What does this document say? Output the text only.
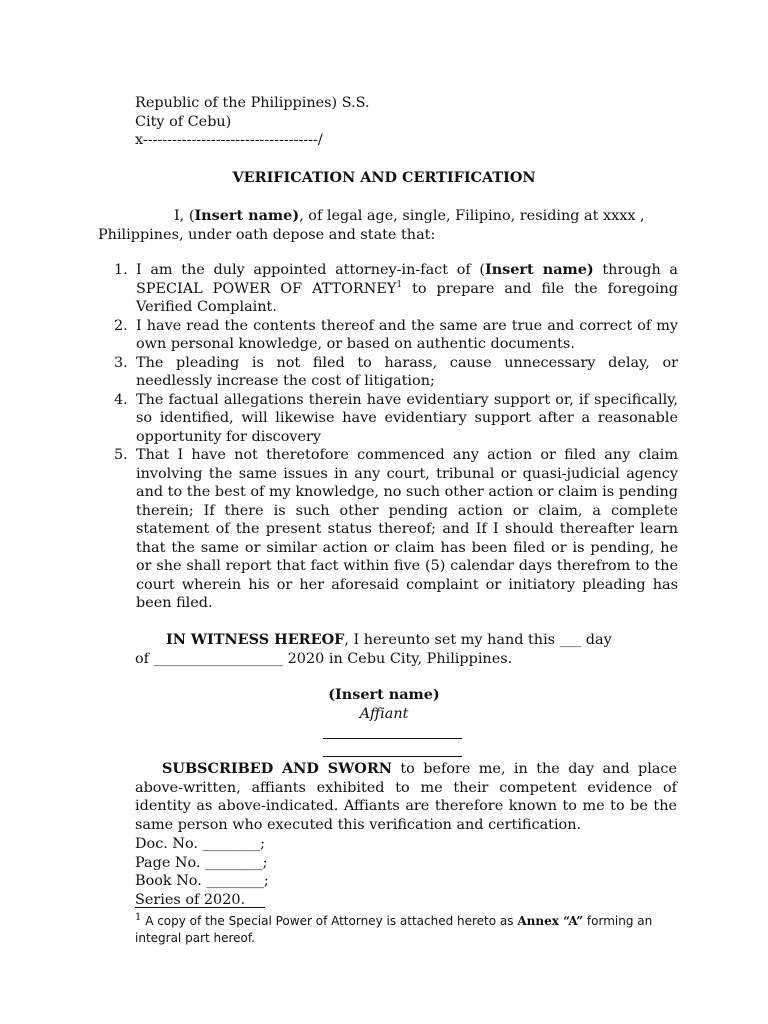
Republic of the Philippines) S.S.
City of Cebu)
x------------------------------------/
VERIFICATION AND CERTIFICATION
I, (Insert name), of legal age, single, Filipino, residing at xxxx ,
Philippines, under oath depose and state that:
1. I am the duly appointed attorney-in-fact of (Insert name) through a SPECIAL POWER OF ATTORNEY$^1$ to prepare and file the foregoing Verified Complaint.
2. I have read the contents thereof and the same are true and correct of my own personal knowledge, or based on authentic documents.
3. The pleading is not filed to harass, cause unnecessary delay, or needlessly increase the cost of litigation;
4. The factual allegations therein have evidentiary support or, if specifically, so identified, will likewise have evidentiary support after a reasonable opportunity for discovery
5. That I have not theretofore commenced any action or filed any claim involving the same issues in any court, tribunal or quasi-judicial agency and to the best of my knowledge, no such other action or claim is pending therein; If there is such other pending action or claim, a complete statement of the present status thereof; and If I should thereafter learn that the same or similar action or claim has been filed or is pending, he or she shall report that fact within five (5) calendar days therefrom to the court wherein his or her aforesaid complaint or initiatory pleading has been filed.
IN WITNESS HEREOF, I hereunto set my hand this ___ day
of __________________ 2020 in Cebu City, Philippines.
(Insert name)
Affiant
SUBSCRIBED AND SWORN to before me, in the day and place above-written, affiants exhibited to me their competent evidence of identity as above-indicated. Affiants are therefore known to me to be the same person who executed this verification and certification.
Doc. No. ________;
Page No. ________;
Book No. ________;
Series of 2020.
$^1$ A copy of the Special Power of Attorney is attached hereto as Annex “A” forming an integral part hereof.
